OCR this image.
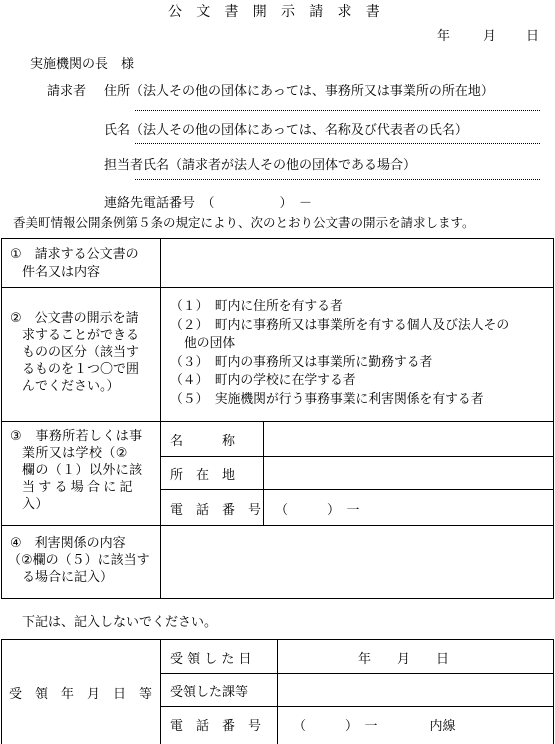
公 文 書 開 示 請 求 書
年	月 日
実施機関の長　様
請求者 住所（法人その他の団体にあっては、事務所又は事業所の所在地）
氏名（法人その他の団体にあっては、名称及び代表者の氏名）
担当者氏名（請求者が法人その他の団体である場合）
連絡先電話番号　（　　　　　）　－
香美町情報公開条例第５条の規定により、次のとおり公文書の開示を請求します。
①　請求する公文書の
件名又は内容
②　公文書の開示を請
求することができる
ものの区分（該当す
るものを１つ〇で囲
んでください。）
（１）　町内に住所を有する者
（２）　町内に事務所又は事業所を有する個人及び法人その
他の団体
（３）　町内の事務所又は事業所に勤務する者
（４）　町内の学校に在学する者
（５）　実施機関が行う事務事業に利害関係を有する者
③　事務所若しくは事
業所又は学校（②
欄の（１）以外に該
当する場合に記
入）
名　　　称
所　在　地
電　話　番　号 （　　　）　一
④　利害関係の内容
（②欄の（５）に該当す
る場合に記入）
下記は、記入しないでください。
受　領　年　月　日　等
受 領 し た 日	年　　月　　日
受領した課等
電　話　番　号 （　　　）　一　　　　内線
